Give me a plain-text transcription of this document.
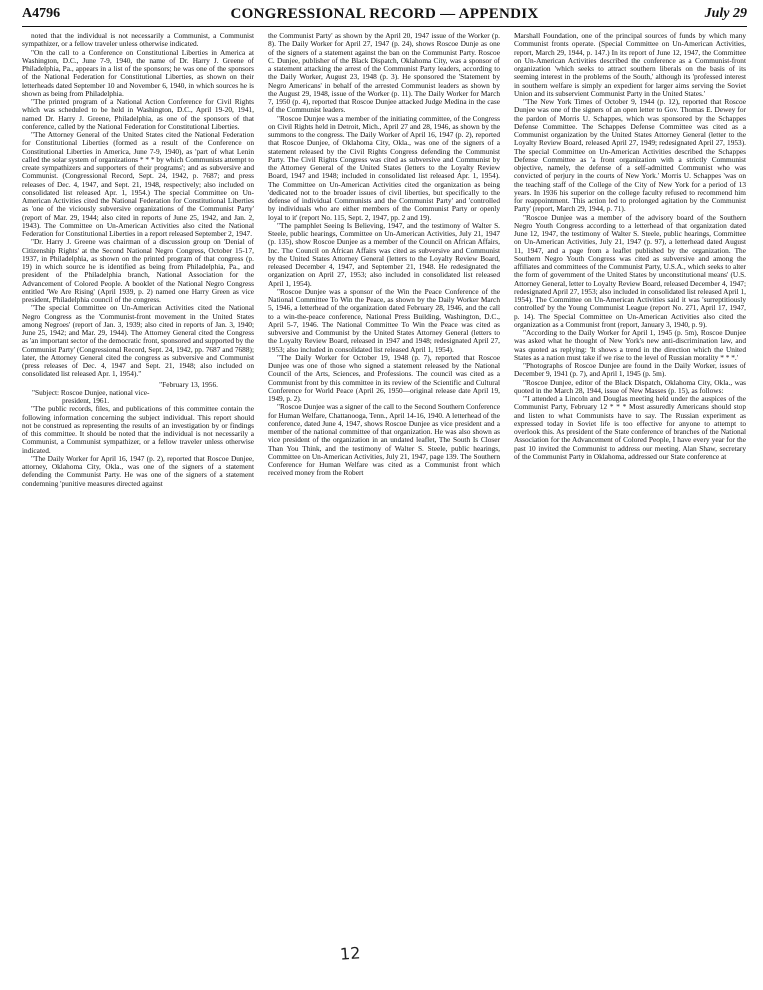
A4796	CONGRESSIONAL RECORD — APPENDIX	July 29

noted that the individual is not necessarily a Communist, a Communist sympathizer, or a fellow traveler unless otherwise indicated.

"On the call to a Conference on Constitutional Liberties in America at Washington, D.C., June 7-9, 1940, the name of Dr. Harry J. Greene of Philadelphia, Pa., appears in a list of the sponsors; he was one of the sponsors of the National Federation for Constitutional Liberties, as shown on their letterheads dated September 10 and November 6, 1940, in which sources he is shown as being from Philadelphia.

"The printed program of a National Action Conference for Civil Rights which was scheduled to be held in Washington, D.C., April 19-20, 1941, named Dr. Harry J. Greene, Philadelphia, as one of the sponsors of that conference, called by the National Federation for Constitutional Liberties.

"The Attorney General of the United States cited the National Federation for Constitutional Liberties (formed as a result of the Conference on Constitutional Liberties in America, June 7-9, 1940), as 'part of what Lenin called the solar system of organizations * * * by which Communists attempt to create sympathizers and supporters of their programs'; and as subversive and Communist. (Congressional Record, Sept. 24, 1942, p. 7687; and press releases of Dec. 4, 1947, and Sept. 21, 1948, respectively; also included on consolidated list released Apr. 1, 1954.) The special Committee on Un-American Activities cited the National Federation for Constitutional Liberties as 'one of the viciously subversive organizations of the Communist Party' (report of Mar. 29, 1944; also cited in reports of June 25, 1942, and Jan. 2, 1943). The Committee on Un-American Activities also cited the National Federation for Constitutional Liberties in a report released September 2, 1947.

"Dr. Harry J. Greene was chairman of a discussion group on 'Denial of Citizenship Rights' at the Second National Negro Congress, October 15-17, 1937, in Philadelphia, as shown on the printed program of that congress (p. 19) in which source he is identified as being from Philadelphia, Pa., and president of the Philadelphia branch, National Association for the Advancement of Colored People. A booklet of the National Negro Congress entitled 'We Are Rising' (April 1939, p. 2) named one Harry Green as vice president, Philadelphia council of the congress.

"The special Committee on Un-American Activities cited the National Negro Congress as the 'Communist-front movement in the United States among Negroes' (report of Jan. 3, 1939; also cited in reports of Jan. 3, 1940; June 25, 1942; and Mar. 29, 1944). The Attorney General cited the Congress as 'an important sector of the democratic front, sponsored and supported by the Communist Party' (Congressional Record, Sept. 24, 1942, pp. 7687 and 7688); later, the Attorney General cited the congress as subversive and Communist (press releases of Dec. 4, 1947 and Sept. 21, 1948; also included on consolidated list released Apr. 1, 1954)."

"February 13, 1956.

"Subject: Roscoe Dunjee, national vice-
president, 1961.

"The public records, files, and publications of this committee contain the following information concerning the subject individual. This report should not be construed as representing the results of an investigation by or findings of this committee. It should be noted that the individual is not necessarily a Communist, a Communist sympathizer, or a fellow traveler unless otherwise indicated.

"The Daily Worker for April 16, 1947 (p. 2), reported that Roscoe Dunjee, attorney, Oklahoma City, Okla., was one of the signers of a statement defending the Communist Party. He was one of the signers of a statement condemning 'punitive measures directed against

the Communist Party' as shown by the April 20, 1947 issue of the Worker (p. 8). The Daily Worker for April 27, 1947 (p. 24), shows Roscoe Dunje as one of the signers of a statement against the ban on the Communist Party. Roscoe C. Dunjee, publisher of the Black Dispatch, Oklahoma City, was a sponsor of a statement attacking the arrest of the Communist Party leaders, according to the Daily Worker, August 23, 1948 (p. 3). He sponsored the 'Statement by Negro Americans' in behalf of the arrested Communist leaders as shown by the August 29, 1948, issue of the Worker (p. 11). The Daily Worker for March 7, 1950 (p. 4), reported that Roscoe Dunjee attacked Judge Medina in the case of the Communist leaders.

"Roscoe Dunjee was a member of the initiating committee, of the Congress on Civil Rights held in Detroit, Mich., April 27 and 28, 1946, as shown by the summons to the congress. The Daily Worker of April 16, 1947 (p. 2), reported that Roscoe Dunjee, of Oklahoma City, Okla., was one of the signers of a statement released by the Civil Rights Congress defending the Communist Party. The Civil Rights Congress was cited as subversive and Communist by the Attorney General of the United States (letters to the Loyalty Review Board, 1947 and 1948; included in consolidated list released Apr. 1, 1954). The Committee on Un-American Activities cited the organization as being 'dedicated not to the broader issues of civil liberties, but specifically to the defense of individual Communists and the Communist Party' and 'controlled by individuals who are either members of the Communist Party or openly loyal to it' (report No. 115, Sept. 2, 1947, pp. 2 and 19).

"The pamphlet Seeing Is Believing, 1947, and the testimony of Walter S. Steele, public hearings, Committee on Un-American Activities, July 21, 1947 (p. 135), show Roscoe Dunjee as a member of the Council on African Affairs, Inc. The Council on African Affairs was cited as subversive and Communist by the United States Attorney General (letters to the Loyalty Review Board, released December 4, 1947, and September 21, 1948. He redesignated the organization on April 27, 1953; also included in consolidated list released April 1, 1954).

"Roscoe Dunjee was a sponsor of the Win the Peace Conference of the National Committee To Win the Peace, as shown by the Daily Worker March 5, 1946, a letterhead of the organization dated February 28, 1946, and the call to a win-the-peace conference, National Press Building, Washington, D.C., April 5-7, 1946. The National Committee To Win the Peace was cited as subversive and Communist by the United States Attorney General (letters to the Loyalty Review Board, released in 1947 and 1948; redesignated April 27, 1953; also included in consolidated list released April 1, 1954).

"The Daily Worker for October 19, 1948 (p. 7), reported that Roscoe Dunjee was one of those who signed a statement released by the National Council of the Arts, Sciences, and Professions. The council was cited as a Communist front by this committee in its review of the Scientific and Cultural Conference for World Peace (April 26, 1950—original release date April 19, 1949, p. 2).

"Roscoe Dunjee was a signer of the call to the Second Southern Conference for Human Welfare, Chattanooga, Tenn., April 14-16, 1940. A letterhead of the conference, dated June 4, 1947, shows Roscoe Dunjee as vice president and a member of the national committee of that organization. He was also shown as vice president of the organization in an undated leaflet, The South Is Closer Than You Think, and the testimony of Walter S. Steele, public hearings, Committee on Un-American Activities, July 21, 1947, page 139. The Southern Conference for Human Welfare was cited as a Communist front which received money from the Robert

Marshall Foundation, one of the principal sources of funds by which many Communist fronts operate. (Special Committee on Un-American Activities, report, March 29, 1944, p. 147.) In its report of June 12, 1947, the Committee on Un-American Activities described the conference as a Communist-front organization 'which seeks to attract southern liberals on the basis of its seeming interest in the problems of the South,' although its 'professed interest in southern welfare is simply an expedient for larger aims serving the Soviet Union and its subservient Communist Party in the United States.'

"The New York Times of October 9, 1944 (p. 12), reported that Roscoe Dunjee was one of the signers of an open letter to Gov. Thomas E. Dewey for the pardon of Morris U. Schappes, which was sponsored by the Schappes Defense Committee. The Schappes Defense Committee was cited as a Communist organization by the United States Attorney General (letter to the Loyalty Review Board, released April 27, 1949; redesignated April 27, 1953). The special Committee on Un-American Activities described the Schappes Defense Committee as 'a front organization with a strictly Communist objective, namely, the defense of a self-admitted Communist who was convicted of perjury in the courts of New York.' Morris U. Schappes 'was on the teaching staff of the College of the City of New York for a period of 13 years. In 1936 his superior on the college faculty refused to recommend him for reappointment. This action led to prolonged agitation by the Communist Party' (report, March 29, 1944, p. 71).

"Roscoe Dunjee was a member of the advisory board of the Southern Negro Youth Congress according to a letterhead of that organization dated June 12, 1947, the testimony of Walter S. Steele, public hearings, Committee on Un-American Activities, July 21, 1947 (p. 97), a letterhead dated August 11, 1947, and a page from a leaflet published by the organization. The Southern Negro Youth Congress was cited as subversive and among the affiliates and committees of the Communist Party, U.S.A., which seeks to alter the form of government of the United States by unconstitutional means' (U.S. Attorney General, letter to Loyalty Review Board, released December 4, 1947; redesignated April 27, 1953; also included in consolidated list released April 1, 1954). The Committee on Un-American Activities said it was 'surreptitiously controlled' by the Young Communist League (report No. 271, April 17, 1947, p. 14). The Special Committee on Un-American Activities also cited the organization as a Communist front (report, January 3, 1940, p. 9).

"According to the Daily Worker for April 1, 1945 (p. 5m), Roscoe Dunjee was asked what he thought of New York's new anti-discrimination law, and was quoted as replying: 'It shows a trend in the direction which the United States as a nation must take if we rise to the level of Russian morality * * *.'

"Photographs of Roscoe Dunjee are found in the Daily Worker, issues of December 9, 1941 (p. 7), and April 1, 1945 (p. 5m).

"Roscoe Dunjee, editor of the Black Dispatch, Oklahoma City, Okla., was quoted in the March 28, 1944, issue of New Masses (p. 15), as follows:

"'I attended a Lincoln and Douglas meeting held under the auspices of the Communist Party, February 12 * * * Most assuredly Americans should stop and listen to what Communists have to say. The Russian experiment as expressed today in Soviet life is too effective for anyone to attempt to overlook this. As president of the State conference of branches of the National Association for the Advancement of Colored People, I have every year for the past 10 invited the Communist to address our meeting. Alan Shaw, secretary of the Communist Party in Oklahoma, addressed our State conference at

12
